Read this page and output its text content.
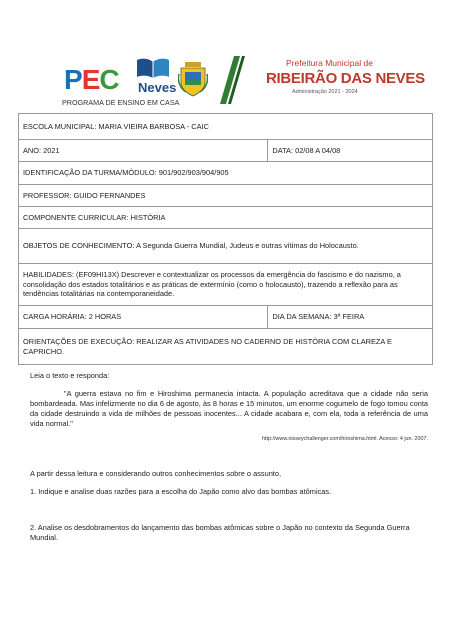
PEC Neves
PROGRAMA DE ENSINO EM CASA
Prefeitura Municipal de
RIBEIRÃO DAS NEVES
Administração 2021 - 2024
ESCOLA MUNICIPAL: MARIA VIEIRA BARBOSA - CAIC	
ANO: 2021	DATA: 02/08 A 04/08
IDENTIFICAÇÃO DA TURMA/MÓDULO: 901/902/903/904/905	
PROFESSOR: GUIDO FERNANDES	
COMPONENTE CURRICULAR: HISTÓRIA	
OBJETOS DE CONHECIMENTO: A Segunda Guerra Mundial, Judeus e outras vítimas do Holocausto.	
HABILIDADES: (EF09HI13X) Descrever e contextualizar os processos da emergência do fascismo e do nazismo, a consolidação dos estados totalitários e as práticas de extermínio (como o holocausto), trazendo a reflexão para as tendências totalitárias na contemporaneidade.	
CARGA HORÁRIA: 2 HORAS	DIA DA SEMANA: 3ª FEIRA
ORIENTAÇÕES DE EXECUÇÃO: REALIZAR AS ATIVIDADES NO CADERNO DE HISTÓRIA COM CLAREZA E CAPRICHO.	

Leia o texto e responda:

"A guerra estava no fim e Hiroshima permanecia intacta. A população acreditava que a cidade não seria bombardeada. Mas infelizmente no dia 6 de agosto, às 8 horas e 15 minutos, um enorme cogumelo de fogo tomou conta da cidade destruindo a vida de milhões de pessoas inocentes... A cidade acabara e, com ela, toda a referência de uma vida normal."

http://www.nisseychallenger.com/hiroshima.html. Acesso: 4 jun. 2007.

A partir dessa leitura e considerando outros conhecimentos sobre o assunto,

1. Indique e analise duas razões para a escolha do Japão como alvo das bombas atômicas.

2. Analise os desdobramentos do lançamento das bombas atômicas sobre o Japão no contexto da Segunda Guerra Mundial.
